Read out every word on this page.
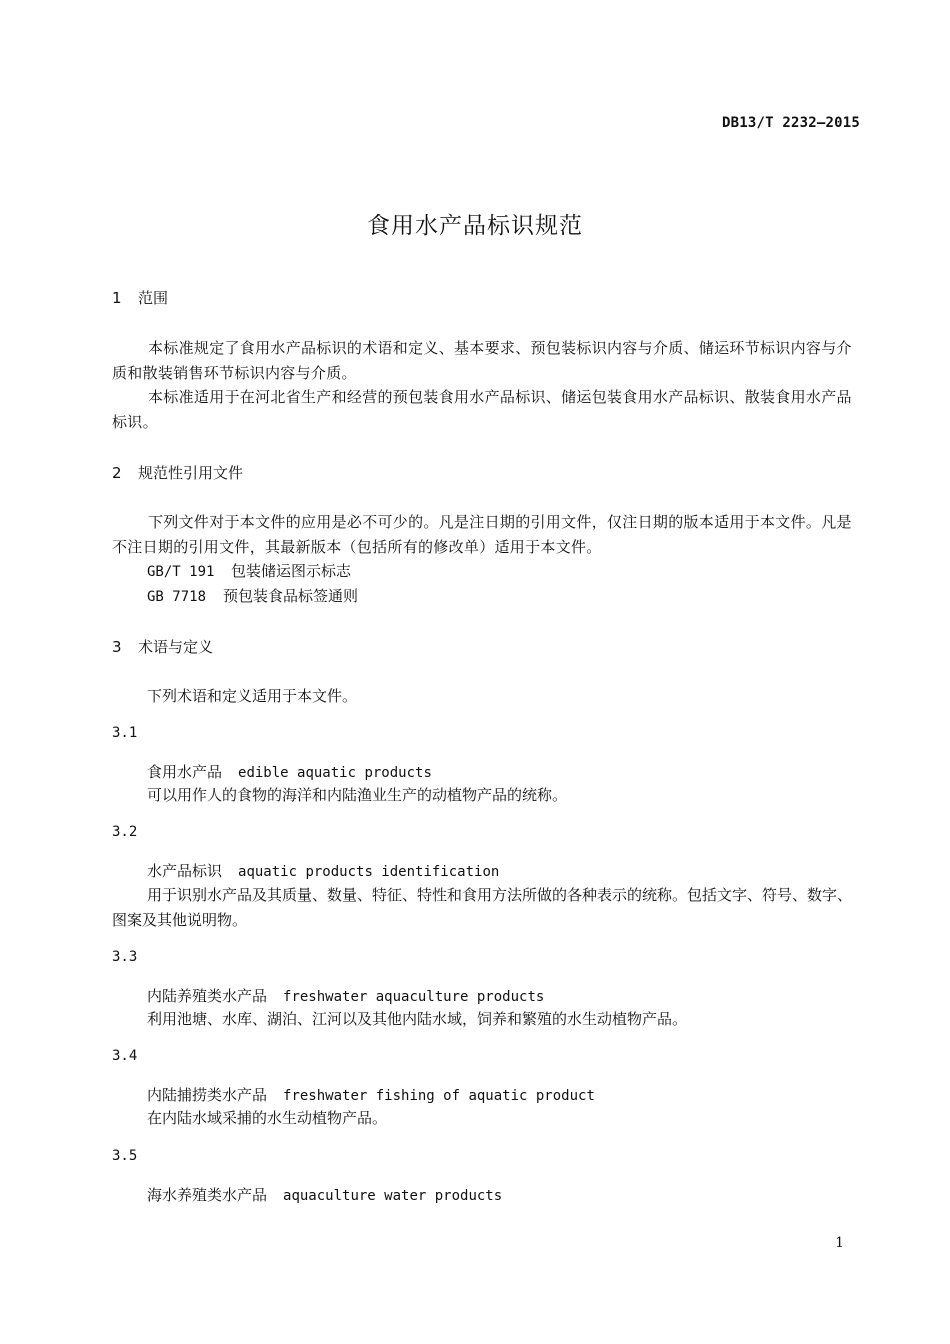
DB13/T 2232—2015
食用水产品标识规范
1 范围
本标准规定了食用水产品标识的术语和定义、基本要求、预包装标识内容与介质、储运环节标识内容与介质和散装销售环节标识内容与介质。
本标准适用于在河北省生产和经营的预包装食用水产品标识、储运包装食用水产品标识、散装食用水产品标识。
2 规范性引用文件
下列文件对于本文件的应用是必不可少的。凡是注日期的引用文件，仅注日期的版本适用于本文件。凡是不注日期的引用文件，其最新版本（包括所有的修改单）适用于本文件。
GB/T 191 包装储运图示标志
GB 7718 预包装食品标签通则
3 术语与定义
下列术语和定义适用于本文件。
3.1
食用水产品 edible aquatic products
可以用作人的食物的海洋和内陆渔业生产的动植物产品的统称。
3.2
水产品标识 aquatic products identification
用于识别水产品及其质量、数量、特征、特性和食用方法所做的各种表示的统称。包括文字、符号、数字、图案及其他说明物。
3.3
内陆养殖类水产品 freshwater aquaculture products
利用池塘、水库、湖泊、江河以及其他内陆水域，饲养和繁殖的水生动植物产品。
3.4
内陆捕捞类水产品 freshwater fishing of aquatic product
在内陆水域采捕的水生动植物产品。
3.5
海水养殖类水产品 aquaculture water products
1
